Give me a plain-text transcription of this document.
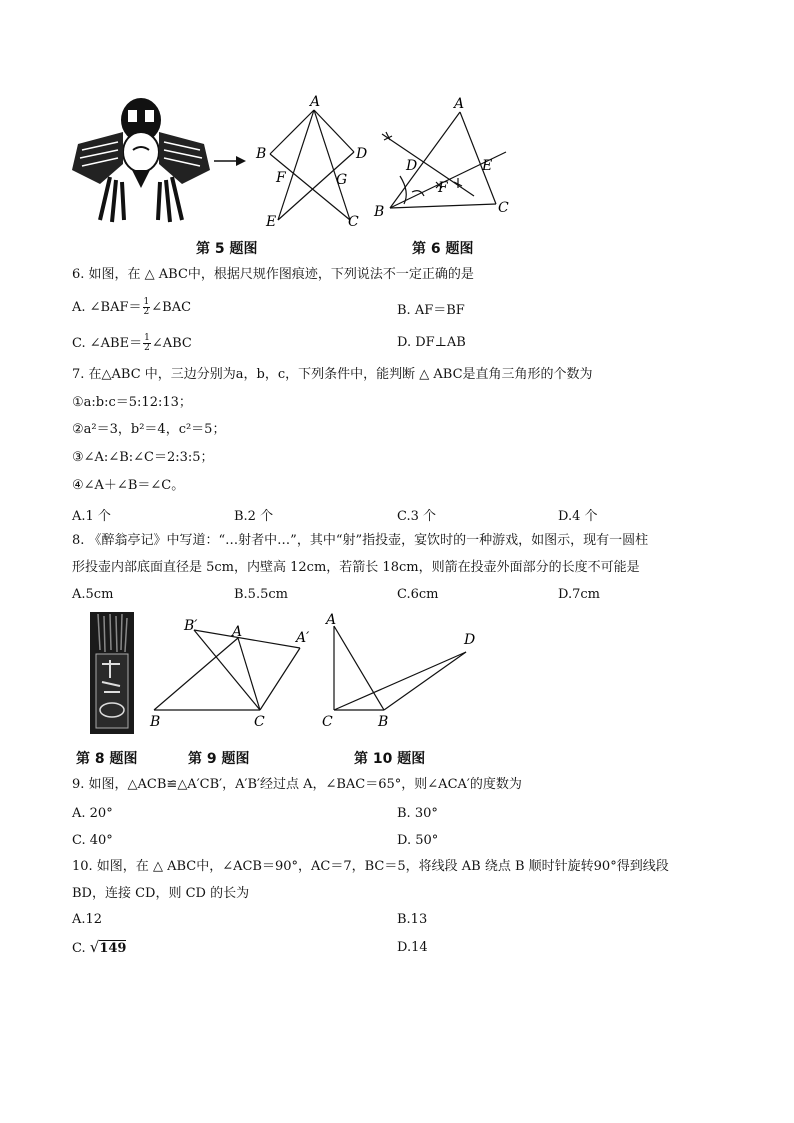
A
B	D
F	G
E	C
A
D	E
F
B	C
第 5 题图	第 6 题图
6. 如图，在 △ ABC中，根据尺规作图痕迹，下列说法不一定正确的是
A. ∠BAF＝ $\frac{1}{2}$ ∠BAC	B. AF＝BF
C. ∠ABE＝ $\frac{1}{2}$ ∠ABC	D. DF⊥AB
7. 在△ABC 中，三边分别为a，b，c，下列条件中，能判断 △ ABC是直角三角形的个数为
①a:b:c＝5:12:13；
②a²＝3，b²＝4，c²＝5；
③∠A:∠B:∠C＝2:3:5；
④∠A＋∠B＝∠C。
A.1 个	B.2 个	C.3 个	D.4 个
8. 《醉翁亭记》中写道：“…射者中…”，其中“射”指投壶，宴饮时的一种游戏，如图示，现有一圆柱
形投壶内部底面直径是 5cm，内壁高 12cm，若箭长 18cm，则箭在投壶外面部分的长度不可能是
A.5cm	B.5.5cm	C.6cm	D.7cm
B′ A	A′
B	C
A
D
C	B
第 8 题图	第 9 题图	第 10 题图
9. 如图，△ACB≌△A′CB′，A′B′经过点 A，∠BAC＝65°，则∠ACA′的度数为
A. 20°	B. 30°
C. 40°	D. 50°
10. 如图，在 △ ABC中，∠ACB＝90°，AC＝7，BC＝5，将线段 AB 绕点 B 顺时针旋转90°得到线段
BD，连接 CD，则 CD 的长为
A.12	B.13
C. √149	D.14
